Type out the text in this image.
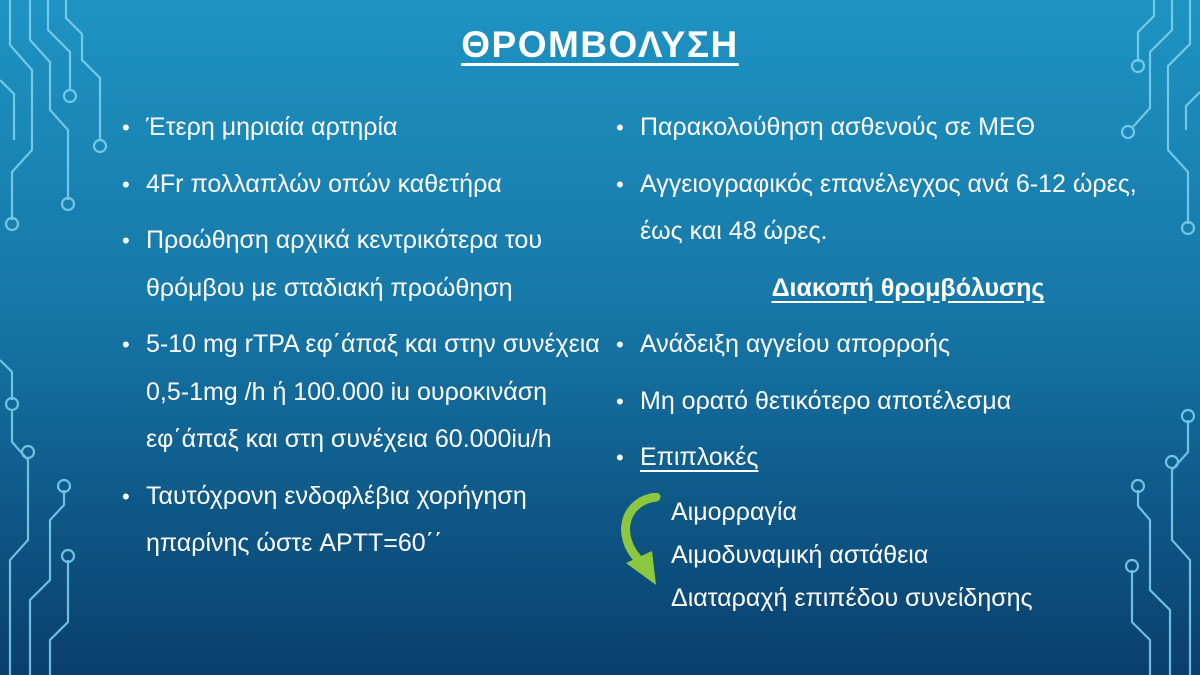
ΘΡΟΜΒΟΛΥΣΗ
• Έτερη μηριαία αρτηρία
• 4Fr πολλαπλών οπών καθετήρα
• Προώθηση αρχικά κεντρικότερα του θρόμβου με σταδιακή προώθηση
• 5-10 mg rTPA εφ΄άπαξ και στην συνέχεια 0,5-1mg /h ή 100.000 iu ουροκινάση εφ΄άπαξ και στη συνέχεια 60.000iu/h
• Ταυτόχρονη ενδοφλέβια χορήγηση ηπαρίνης ώστε APTT=60΄΄
• Παρακολούθηση ασθενούς σε ΜΕΘ
• Αγγειογραφικός επανέλεγχος ανά 6-12 ώρες, έως και 48 ώρες.
Διακοπή θρομβόλυσης
• Ανάδειξη αγγείου απορροής
• Μη ορατό θετικότερο αποτέλεσμα
• Επιπλοκές
Αιμορραγία
Αιμοδυναμική αστάθεια
Διαταραχή επιπέδου συνείδησης
